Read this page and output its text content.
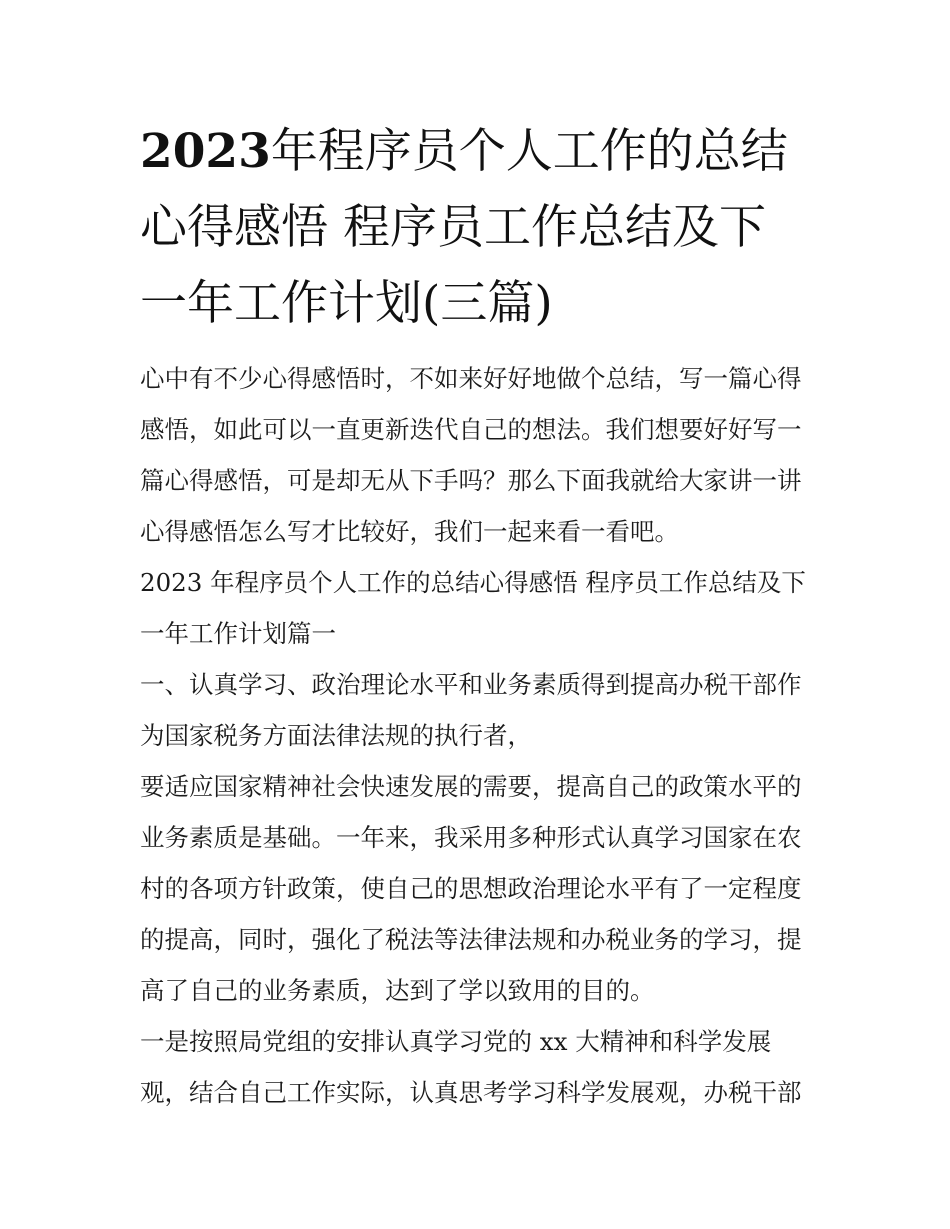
2023年程序员个人工作的总结
心得感悟 程序员工作总结及下
一年工作计划(三篇)
心中有不少心得感悟时，不如来好好地做个总结，写一篇心得
感悟，如此可以一直更新迭代自己的想法。我们想要好好写一
篇心得感悟，可是却无从下手吗？那么下面我就给大家讲一讲
心得感悟怎么写才比较好，我们一起来看一看吧。
2023 年程序员个人工作的总结心得感悟 程序员工作总结及下
一年工作计划篇一
一、认真学习、政治理论水平和业务素质得到提高办税干部作
为国家税务方面法律法规的执行者，
要适应国家精神社会快速发展的需要，提高自己的政策水平的
业务素质是基础。一年来，我采用多种形式认真学习国家在农
村的各项方针政策，使自己的思想政治理论水平有了一定程度
的提高，同时，强化了税法等法律法规和办税业务的学习，提
高了自己的业务素质，达到了学以致用的目的。
一是按照局党组的安排认真学习党的 xx 大精神和科学发展
观，结合自己工作实际，认真思考学习科学发展观，办税干部
